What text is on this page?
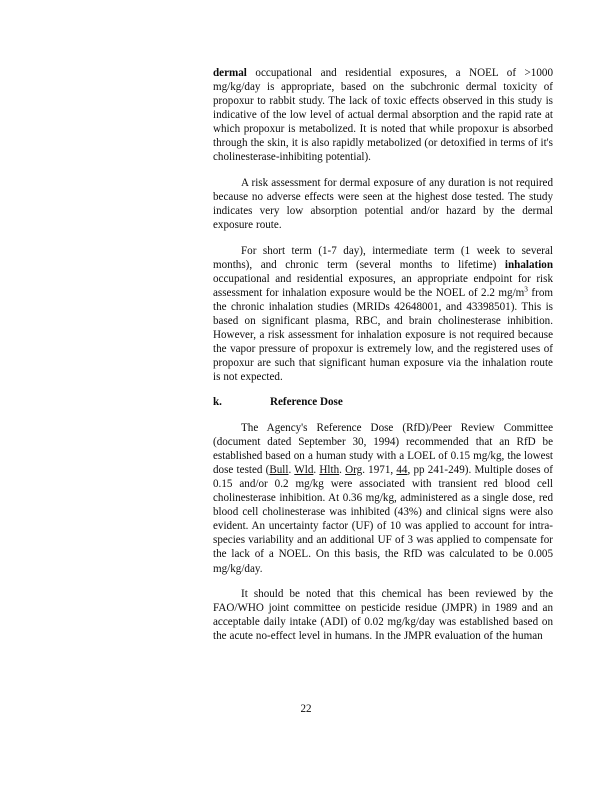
dermal occupational and residential exposures, a NOEL of >1000 mg/kg/day is appropriate, based on the subchronic dermal toxicity of propoxur to rabbit study. The lack of toxic effects observed in this study is indicative of the low level of actual dermal absorption and the rapid rate at which propoxur is metabolized. It is noted that while propoxur is absorbed through the skin, it is also rapidly metabolized (or detoxified in terms of it's cholinesterase-inhibiting potential).

A risk assessment for dermal exposure of any duration is not required because no adverse effects were seen at the highest dose tested. The study indicates very low absorption potential and/or hazard by the dermal exposure route.

For short term (1-7 day), intermediate term (1 week to several months), and chronic term (several months to lifetime) inhalation occupational and residential exposures, an appropriate endpoint for risk assessment for inhalation exposure would be the NOEL of 2.2 $mg/m^3$ from the chronic inhalation studies (MRIDs 42648001, and 43398501). This is based on significant plasma, RBC, and brain cholinesterase inhibition. However, a risk assessment for inhalation exposure is not required because the vapor pressure of propoxur is extremely low, and the registered uses of propoxur are such that significant human exposure via the inhalation route is not expected.

k.	Reference Dose

The Agency's Reference Dose (RfD)/Peer Review Committee (document dated September 30, 1994) recommended that an RfD be established based on a human study with a LOEL of 0.15 mg/kg, the lowest dose tested (Bull. Wld. Hlth. Org. 1971, 44, pp 241-249). Multiple doses of 0.15 and/or 0.2 mg/kg were associated with transient red blood cell cholinesterase inhibition. At 0.36 mg/kg, administered as a single dose, red blood cell cholinesterase was inhibited (43%) and clinical signs were also evident. An uncertainty factor (UF) of 10 was applied to account for intra-species variability and an additional UF of 3 was applied to compensate for the lack of a NOEL. On this basis, the RfD was calculated to be 0.005 mg/kg/day.

It should be noted that this chemical has been reviewed by the FAO/WHO joint committee on pesticide residue (JMPR) in 1989 and an acceptable daily intake (ADI) of 0.02 mg/kg/day was established based on the acute no-effect level in humans. In the JMPR evaluation of the human

22
